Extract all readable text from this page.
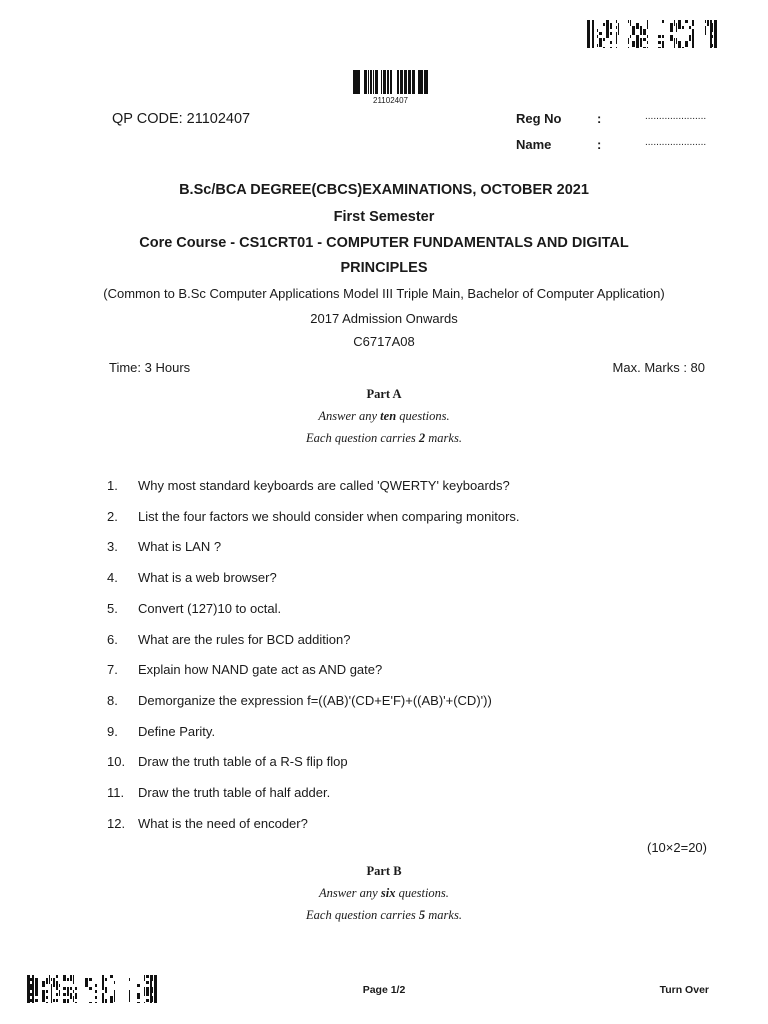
21102407
QP CODE: 21102407	Reg No	:	......................
Name	:	......................
B.Sc/BCA DEGREE(CBCS)EXAMINATIONS, OCTOBER 2021
First Semester
Core Course - CS1CRT01 - COMPUTER FUNDAMENTALS AND DIGITAL
PRINCIPLES
(Common to B.Sc Computer Applications Model III Triple Main, Bachelor of Computer Application)
2017 Admission Onwards
C6717A08
Time: 3 Hours	Max. Marks : 80
Part A
Answer any ten questions.
Each question carries 2 marks.
1.	Why most standard keyboards are called 'QWERTY' keyboards?
2.	List the four factors we should consider when comparing monitors.
3.	What is LAN ?
4.	What is a web browser?
5.	Convert (127)10 to octal.
6.	What are the rules for BCD addition?
7.	Explain how NAND gate act as AND gate?
8.	Demorganize the expression f=((AB)'(CD+E'F)+((AB)'+(CD)'))
9.	Define Parity.
10. Draw the truth table of a R-S flip flop
11.	Draw the truth table of half adder.
12. What is the need of encoder?
(10×2=20)
Part B
Answer any six questions.
Each question carries 5 marks.
Page 1/2	Turn Over
